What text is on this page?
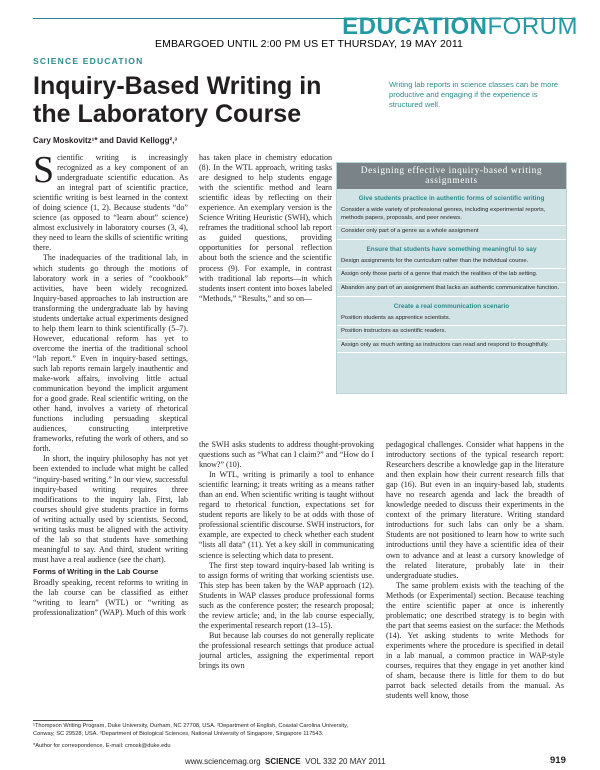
EDUCATIONFORUM
EMBARGOED UNTIL 2:00 PM US ET THURSDAY, 19 MAY 2011
SCIENCE EDUCATION
Inquiry-Based Writing in the Laboratory Course
Writing lab reports in science classes can be more productive and engaging if the experience is structured well.
Cary Moskovitz¹* and David Kellogg²,³

Scientific writing is increasingly recognized as a key component of an undergraduate scientific education. As an integral part of scientific practice, scientific writing is best learned in the context of doing science (1, 2). Because students “do” science (as opposed to “learn about” science) almost exclusively in laboratory courses (3, 4), they need to learn the skills of scientific writing there.

The inadequacies of the traditional lab, in which students go through the motions of laboratory work in a series of “cookbook” activities, have been widely recognized. Inquiry-based approaches to lab instruction are transforming the undergraduate lab by having students undertake actual experiments designed to help them learn to think scientifically (5–7). However, educational reform has yet to overcome the inertia of the traditional school “lab report.” Even in inquiry-based settings, such lab reports remain largely inauthentic and make-work affairs, involving little actual communication beyond the implicit argument for a good grade. Real scientific writing, on the other hand, involves a variety of rhetorical functions including persuading skeptical audiences, constructing interpretive frameworks, refuting the work of others, and so forth.

In short, the inquiry philosophy has not yet been extended to include what might be called “inquiry-based writing.” In our view, successful inquiry-based writing requires three modifications to the inquiry lab. First, lab courses should give students practice in forms of writing actually used by scientists. Second, writing tasks must be aligned with the activity of the lab so that students have something meaningful to say. And third, student writing must have a real audience (see the chart).

Forms of Writing in the Lab Course

Broadly speaking, recent reforms to writing in the lab course can be classified as either “writing to learn” (WTL) or “writing as professionalization” (WAP). Much of this work

has taken place in chemistry education (8). In the WTL approach, writing tasks are designed to help students engage with the scientific method and learn scientific ideas by reflecting on their experience. An exemplary version is the Science Writing Heuristic (SWH), which reframes the traditional school lab report as guided questions, providing opportunities for personal reflection about both the science and the scientific process (9). For example, in contrast with traditional lab reports—in which students insert content into boxes labeled “Methods,” “Results,” and so on—

Designing effective inquiry-based writing assignments
Give students practice in authentic forms of scientific writing
Consider a wide variety of professional genres, including experimental reports, methods papers, proposals, and peer reviews.
Consider only part of a genre as a whole assignment
Ensure that students have something meaningful to say
Design assignments for the curriculum rather than the individual course.
Assign only those parts of a genre that match the realities of the lab setting.
Abandon any part of an assignment that lacks an authentic communicative function.
Create a real communication scenario
Position students as apprentice scientists.
Position instructors as scientific readers.
Assign only as much writing as instructors can read and respond to thoughtfully.

the SWH asks students to address thought-provoking questions such as “What can I claim?” and “How do I know?” (10).

In WTL, writing is primarily a tool to enhance scientific learning; it treats writing as a means rather than an end. When scientific writing is taught without regard to rhetorical function, expectations set for student reports are likely to be at odds with those of professional scientific discourse. SWH instructors, for example, are expected to check whether each student “lists all data” (11). Yet a key skill in communicating science is selecting which data to present.

The first step toward inquiry-based lab writing is to assign forms of writing that working scientists use. This step has been taken by the WAP approach (12). Students in WAP classes produce professional forms such as the conference poster; the research proposal; the review article; and, in the lab course especially, the experimental research report (13–15).

But because lab courses do not generally replicate the professional research settings that produce actual journal articles, assigning the experimental report brings its own

pedagogical challenges. Consider what happens in the introductory sections of the typical research report: Researchers describe a knowledge gap in the literature and then explain how their current research fills that gap (16). But even in an inquiry-based lab, students have no research agenda and lack the breadth of knowledge needed to discuss their experiments in the context of the primary literature. Writing standard introductions for such labs can only be a sham. Students are not positioned to learn how to write such introductions until they have a scientific idea of their own to advance and at least a cursory knowledge of the related literature, probably late in their undergraduate studies.

The same problem exists with the teaching of the Methods (or Experimental) section. Because teaching the entire scientific paper at once is inherently problematic; one described strategy is to begin with the part that seems easiest on the surface: the Methods (14). Yet asking students to write Methods for experiments where the procedure is specified in detail in a lab manual, a common practice in WAP-style courses, requires that they engage in yet another kind of sham, because there is little for them to do but parrot back selected details from the manual. As students well know, those

¹Thompson Writing Program, Duke University, Durham, NC 27708, USA. ²Department of English, Coastal Carolina University, Conway, SC 29528, USA. ³Department of Biological Sciences, National University of Singapore, Singapore 117543.
*Author for correspondence. E-mail: cmosk@duke.edu
www.sciencemag.org SCIENCE VOL 332 20 MAY 2011	919
